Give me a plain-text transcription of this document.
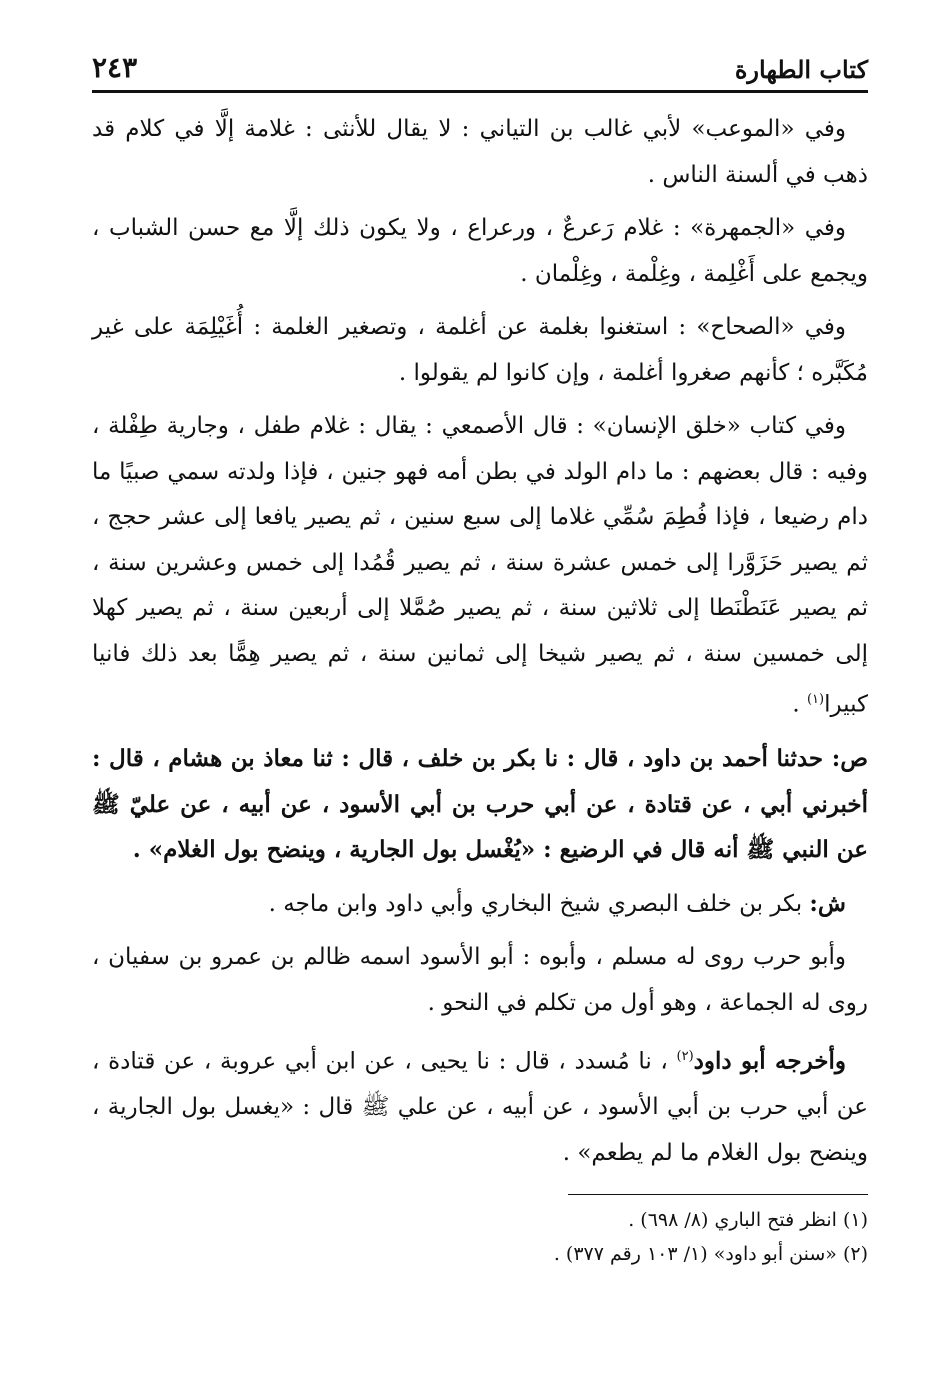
كتاب الطهارة
٢٤٣

وفي «الموعب» لأبي غالب بن التياني : لا يقال للأنثى : غلامة إلَّا في كلام قد ذهب في ألسنة الناس .

وفي «الجمهرة» : غلام رَعرعٌ ، ورعراع ، ولا يكون ذلك إلَّا مع حسن الشباب ، ويجمع على أَغْلِمة ، وغِلْمة ، وغِلْمان .

وفي «الصحاح» : استغنوا بغلمة عن أغلمة ، وتصغير الغلمة : أُغَيْلِمَة على غير مُكَبَّره ؛ كأنهم صغروا أغلمة ، وإن كانوا لم يقولوا .

وفي كتاب «خلق الإنسان» : قال الأصمعي : يقال : غلام طفل ، وجارية طِفْلة ، وفيه : قال بعضهم : ما دام الولد في بطن أمه فهو جنين ، فإذا ولدته سمي صبيًا ما دام رضيعا ، فإذا فُطِمَ سُمِّي غلاما إلى سبع سنين ، ثم يصير يافعا إلى عشر حجج ، ثم يصير حَزَوَّرا إلى خمس عشرة سنة ، ثم يصير قُمُدا إلى خمس وعشرين سنة ، ثم يصير عَنَطْنَطا إلى ثلاثين سنة ، ثم يصير صُمَّلا إلى أربعين سنة ، ثم يصير كهلا إلى خمسين سنة ، ثم يصير شيخا إلى ثمانين سنة ، ثم يصير هِمًّا بعد ذلك فانيا كبيرا$^{(١)}$ .

ص: حدثنا أحمد بن داود ، قال : نا بكر بن خلف ، قال : ثنا معاذ بن هشام ، قال : أخبرني أبي ، عن قتادة ، عن أبي حرب بن أبي الأسود ، عن أبيه ، عن عليّ ﷺ عن النبي ﷺ أنه قال في الرضيع : «يُغْسل بول الجارية ، وينضح بول الغلام» .

ش: بكر بن خلف البصري شيخ البخاري وأبي داود وابن ماجه .

وأبو حرب روى له مسلم ، وأبوه : أبو الأسود اسمه ظالم بن عمرو بن سفيان ، روى له الجماعة ، وهو أول من تكلم في النحو .

وأخرجه أبو داود$^{(٢)}$ ، نا مُسدد ، قال : نا يحيى ، عن ابن أبي عروبة ، عن قتادة ، عن أبي حرب بن أبي الأسود ، عن أبيه ، عن علي ﷺ قال : «يغسل بول الجارية ، وينضح بول الغلام ما لم يطعم» .

(١) انظر فتح الباري (٨/ ٦٩٨) .
(٢) «سنن أبو داود» (١/ ١٠٣ رقم ٣٧٧) .
